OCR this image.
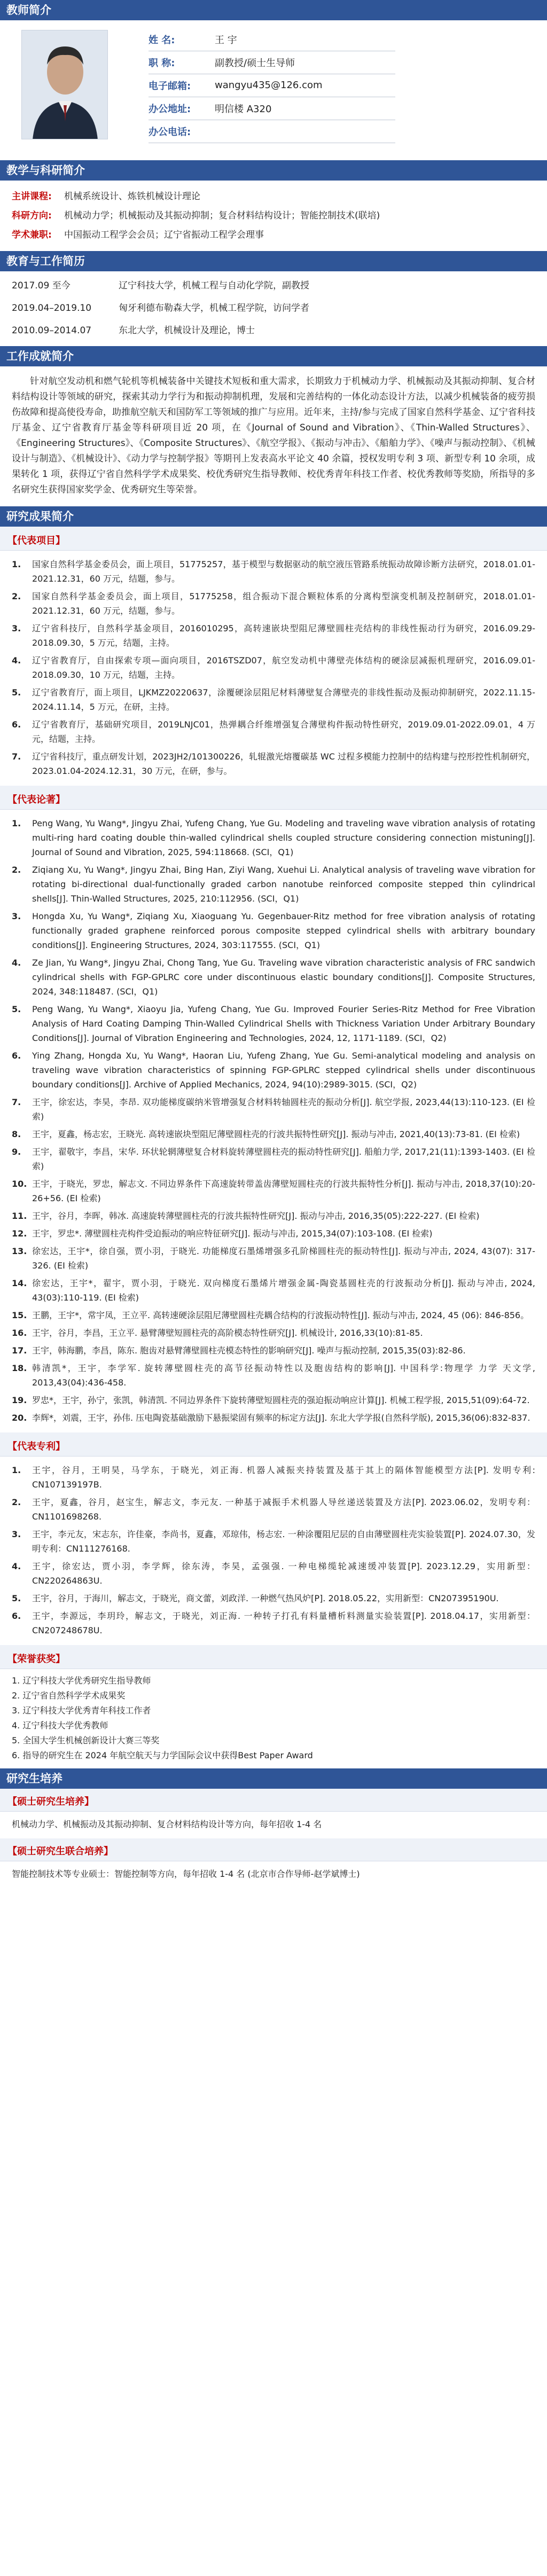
教师简介
姓 名:	王 宇
职 称:	副教授/硕士生导师
电子邮箱:	wangyu435@126.com
办公地址:	明信楼 A320
办公电话:
教学与科研简介
主讲课程:	机械系统设计、炼铁机械设计理论
科研方向:	机械动力学；机械振动及其振动抑制；复合材料结构设计；智能控制技术(联培)
学术兼职:	中国振动工程学会会员；辽宁省振动工程学会理事
教育与工作简历
2017.09 至今	辽宁科技大学，机械工程与自动化学院，副教授
2019.04–2019.10	匈牙利德布勒森大学，机械工程学院，访问学者
2010.09–2014.07	东北大学，机械设计及理论，博士
工作成就简介

针对航空发动机和燃气轮机等机械装备中关键技术短板和重大需求，长期致力于机械动力学、机械振动及其振动抑制、复合材料结构设计等领域的研究，探索其动力学行为和振动抑制机理，发展和完善结构的一体化动态设计方法，以减少机械装备的疲劳损伤故障和提高使役寿命，助推航空航天和国防军工等领域的推广与应用。近年来，主持/参与完成了国家自然科学基金、辽宁省科技厅基金、辽宁省教育厅基金等科研项目近 20 项，在《Journal of Sound and Vibration》、《Thin-Walled Structures》、《Engineering Structures》、《Composite Structures》、《航空学报》、《振动与冲击》、《船舶力学》、《噪声与振动控制》、《机械设计与制造》、《机械设计》、《动力学与控制学报》等期刊上发表高水平论文 40 余篇，授权发明专利 3 项、新型专利 10 余项，成果转化 1 项，获得辽宁省自然科学学术成果奖、校优秀研究生指导教师、校优秀青年科技工作者、校优秀教师等奖励，所指导的多名研究生获得国家奖学金、优秀研究生等荣誉。

研究成果简介
【代表项目】
1.	国家自然科学基金委员会，面上项目，51775257，基于模型与数据驱动的航空液压管路系统振动故障诊断方法研究，2018.01.01-2021.12.31，60 万元，结题，参与。
2.	国家自然科学基金委员会，面上项目，51775258，组合振动下混合颗粒体系的分离构型演变机制及控制研究，2018.01.01-2021.12.31，60 万元，结题，参与。
3.	辽宁省科技厅，自然科学基金项目，2016010295，高转速嵌块型阻尼薄壁圆柱壳结构的非线性振动行为研究，2016.09.29-2018.09.30，5 万元，结题，主持。
4.	辽宁省教育厅，自由探索专项—面向项目，2016TSZD07，航空发动机中薄壁壳体结构的硬涂层减振机理研究，2016.09.01-2018.09.30，10 万元，结题，主持。
5.	辽宁省教育厅，面上项目，LJKMZ20220637，涂覆硬涂层阻尼材料薄壁复合薄壁壳的非线性振动及振动抑制研究，2022.11.15-2024.11.14，5 万元，在研，主持。
6.	辽宁省教育厅，基础研究项目，2019LNJC01，热弹耦合纤维增强复合薄壁构件振动特性研究，2019.09.01-2022.09.01，4 万元，结题，主持。
7.	辽宁省科技厅，重点研发计划，2023JH2/101300226，轧辊激光熔覆碳基 WC 过程多模能力控制中的结构建与控形控性机制研究，2023.01.04-2024.12.31，30 万元，在研，参与。
【代表论著】
1.	Peng Wang, Yu Wang*, Jingyu Zhai, Yufeng Chang, Yue Gu. Modeling and traveling wave vibration analysis of rotating multi-ring hard coating double thin-walled cylindrical shells coupled structure considering connection mistuning[J]. Journal of Sound and Vibration, 2025, 594:118668. (SCI，Q1)
2.	Ziqiang Xu, Yu Wang*, Jingyu Zhai, Bing Han, Ziyi Wang, Xuehui Li. Analytical analysis of traveling wave vibration for rotating bi-directional dual-functionally graded carbon nanotube reinforced composite stepped thin cylindrical shells[J]. Thin-Walled Structures, 2025, 210:112956. (SCI，Q1)
3.	Hongda Xu, Yu Wang*, Ziqiang Xu, Xiaoguang Yu. Gegenbauer-Ritz method for free vibration analysis of rotating functionally graded graphene reinforced porous composite stepped cylindrical shells with arbitrary boundary conditions[J]. Engineering Structures, 2024, 303:117555. (SCI，Q1)
4.	Ze Jian, Yu Wang*, Jingyu Zhai, Chong Tang, Yue Gu. Traveling wave vibration characteristic analysis of FRC sandwich cylindrical shells with FGP-GPLRC core under discontinuous elastic boundary conditions[J]. Composite Structures, 2024, 348:118487. (SCI，Q1)
5.	Peng Wang, Yu Wang*, Xiaoyu Jia, Yufeng Chang, Yue Gu. Improved Fourier Series-Ritz Method for Free Vibration Analysis of Hard Coating Damping Thin-Walled Cylindrical Shells with Thickness Variation Under Arbitrary Boundary Conditions[J]. Journal of Vibration Engineering and Technologies, 2024, 12, 1171-1189. (SCI，Q2)
6.	Ying Zhang, Hongda Xu, Yu Wang*, Haoran Liu, Yufeng Zhang, Yue Gu. Semi-analytical modeling and analysis on traveling wave vibration characteristics of spinning FGP-GPLRC stepped cylindrical shells under discontinuous boundary conditions[J]. Archive of Applied Mechanics, 2024, 94(10):2989-3015. (SCI，Q2)
7.	王宇，徐宏达，李昊，李昂. 双功能梯度碳纳米管增强复合材料转轴圆柱壳的振动分析[J]. 航空学报, 2023,44(13):110-123. (EI 检索)
8.	王宇，夏鑫，杨志宏，王晓光. 高转速嵌块型阻尼薄壁圆柱壳的行波共振特性研究[J]. 振动与冲击, 2021,40(13):73-81. (EI 检索)
9.	王宇，翟敬宇，李昌，宋华. 环状轮辋薄壁复合材料旋转薄壁圆柱壳的振动特性研究[J]. 船舶力学, 2017,21(11):1393-1403. (EI 检索)
10. 王宇，于晓光，罗忠，解志文. 不同边界条件下高速旋转带盖齿薄壁短圆柱壳的行波共振特性分析[J]. 振动与冲击, 2018,37(10):20-26+56. (EI 检索)
11. 王宇，谷月，李晖，韩冰. 高速旋转薄壁圆柱壳的行波共振特性研究[J]. 振动与冲击, 2016,35(05):222-227. (EI 检索)
12. 王宇，罗忠*. 薄壁圆柱壳构件受迫振动的响应特征研究[J]. 振动与冲击, 2015,34(07):103-108. (EI 检索)
13. 徐宏达，王宇*，徐自强，贾小羽，于晓光. 功能梯度石墨烯增强多孔阶梯圆柱壳的振动特性[J]. 振动与冲击, 2024, 43(07): 317-326. (EI 检索)
14. 徐宏达，王宇*，翟宇，贾小羽，于晓光. 双向梯度石墨烯片增强金属-陶瓷基圆柱壳的行波振动分析[J]. 振动与冲击, 2024, 43(03):110-119. (EI 检索)
15. 王鹏，王宇*，常宇凤，王立平. 高转速硬涂层阻尼薄壁圆柱壳耦合结构的行波振动特性[J]. 振动与冲击, 2024, 45 (06): 846-856。
16. 王宇，谷月，李昌，王立平. 悬臂薄壁短圆柱壳的高阶模态特性研究[J]. 机械设计, 2016,33(10):81-85.
17. 王宇，韩海鹏，李昌，陈东. 胞齿对悬臂薄壁圆柱壳模态特性的影响研究[J]. 噪声与振动控制, 2015,35(03):82-86.
18. 韩清凯*，王宇，李学军. 旋转薄壁圆柱壳的高节径振动特性以及胞齿结构的影响[J]. 中国科学:物理学 力学 天文学, 2013,43(04):436-458.
19. 罗忠*，王宇，孙宁，张凯，韩清凯. 不同边界条件下旋转薄壁短圆柱壳的强迫振动响应计算[J]. 机械工程学报, 2015,51(09):64-72.
20. 李辉*，刘震，王宇，孙伟. 压电陶瓷基础激励下悬振梁固有频率的标定方法[J]. 东北大学学报(自然科学版), 2015,36(06):832-837.
【代表专利】
1.	王宇，谷月，王明昊，马学东，于晓光，刘正海. 机器人减振夹持装置及基于其上的隔体智能模型方法[P]. 发明专利: CN107139197B.
2.	王宇，夏鑫，谷月，赵宝生，解志文，李元友. 一种基于减振手术机器人导丝递送装置及方法[P]. 2023.06.02，发明专利：CN1101698268.
3.	王宇，李元友，宋志东，许佳豪，李尚书，夏鑫，邓琼伟，杨志宏. 一种涂覆阻尼层的自由薄壁圆柱壳实验装置[P]. 2024.07.30，发明专利：CN111276168.
4.	王宇，徐宏达，贾小羽，李学辉，徐东涛，李昊，孟强强. 一种电梯缆轮减速缓冲装置[P]. 2023.12.29，实用新型：CN220264863U.
5.	王宇，谷月，于海川，解志文，于晓光，商文蕾，刘政洋. 一种燃气热风炉[P]. 2018.05.22，实用新型：CN207395190U.
6.	王宇，李源远，李玥玲，解志文，于晓光，刘正海. 一种转子打孔有料量槽析料测量实验装置[P]. 2018.04.17，实用新型：CN207248678U.
【荣誉获奖】
1. 辽宁科技大学优秀研究生指导教师
2. 辽宁省自然科学学术成果奖
3. 辽宁科技大学优秀青年科技工作者
4. 辽宁科技大学优秀教师
5. 全国大学生机械创新设计大赛三等奖
6. 指导的研究生在 2024 年航空航天与力学国际会议中获得Best Paper Award
研究生培养
【硕士研究生培养】
机械动力学、机械振动及其振动抑制、复合材料结构设计等方向，每年招收 1-4 名
【硕士研究生联合培养】
智能控制技术等专业硕士：智能控制等方向，每年招收 1-4 名 (北京市合作导师-赵学斌博士)
